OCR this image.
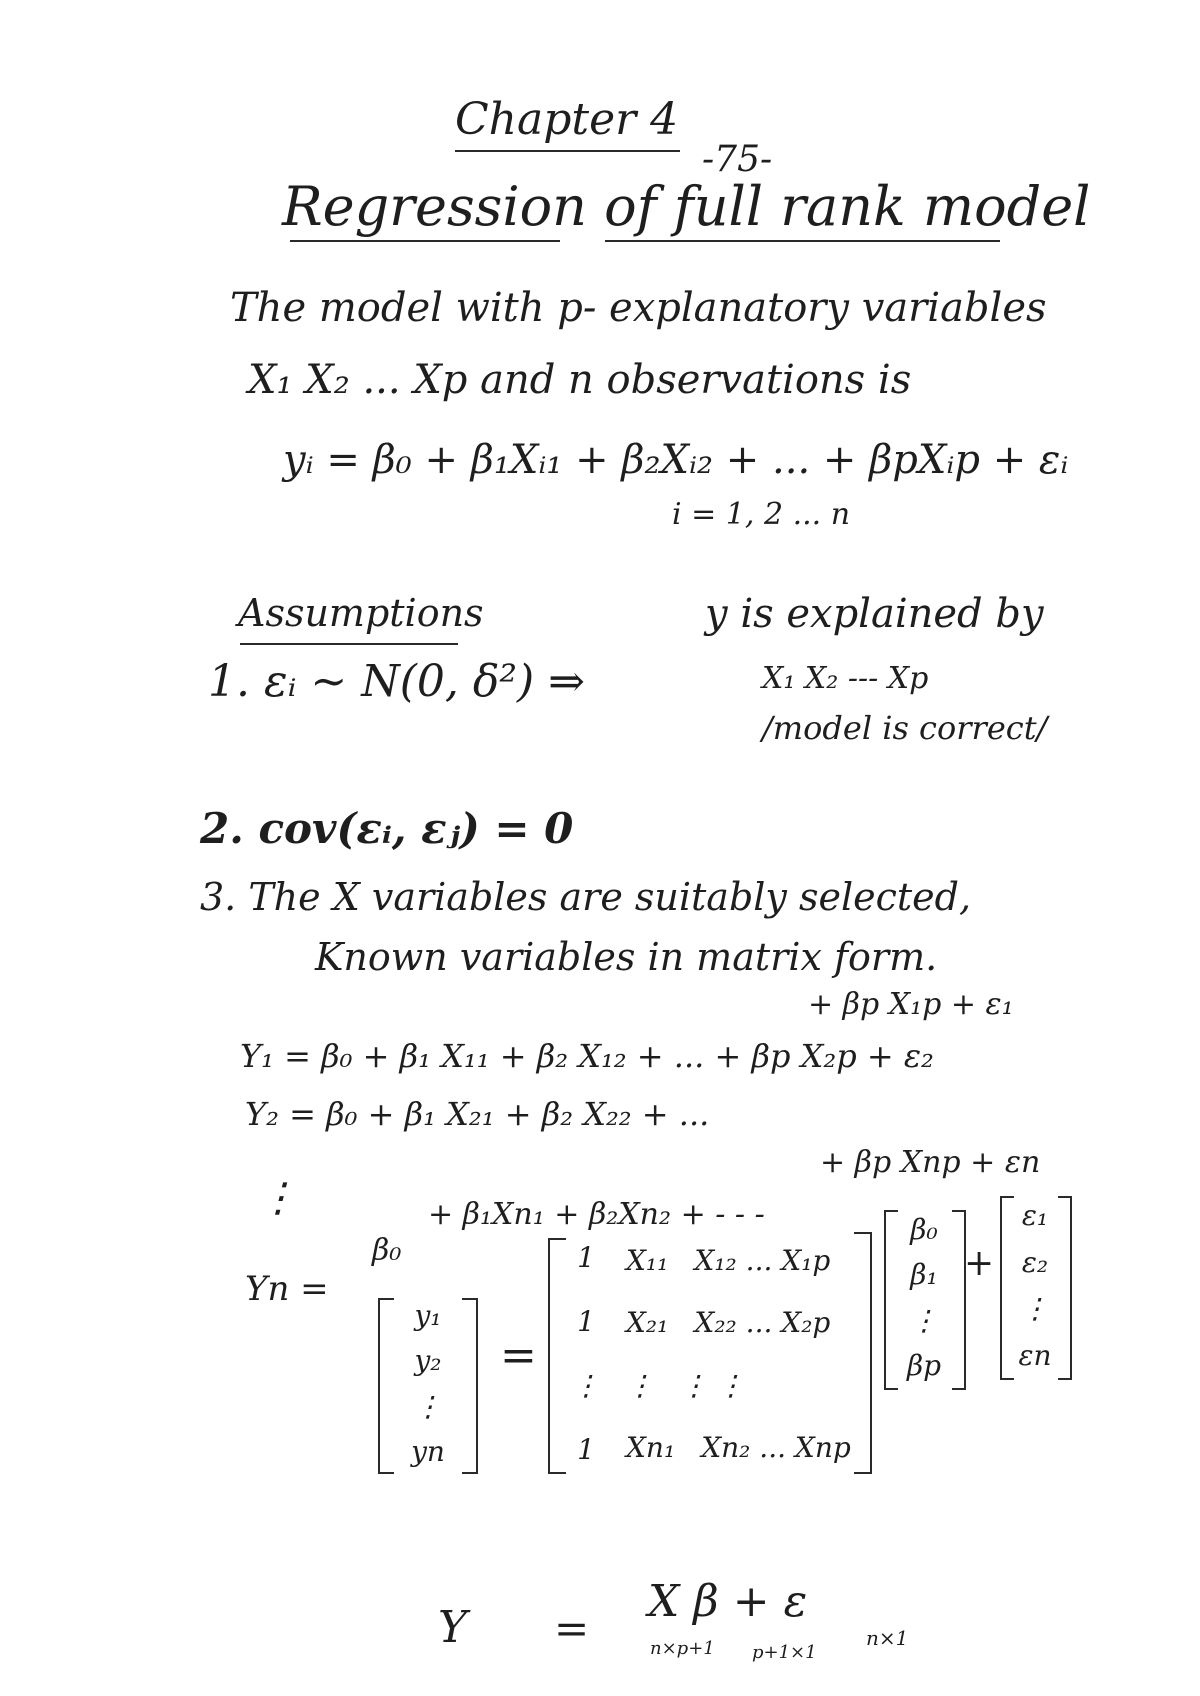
Chapter 4
-75-
Regression of full rank model
The model with p- explanatory variables
X₁ X₂ ... Xp and n observations is
yᵢ = β₀ + β₁Xᵢ₁ + β₂Xᵢ₂ + ... + βpXᵢp + εᵢ
i = 1, 2 ... n
Assumptions
1. εᵢ ~ N(0, δ²) ⇒
y is explained by
X₁ X₂ --- Xp
/model is correct/
2. cov(εᵢ, εⱼ) = 0
3. The X variables are suitably selected,
Known variables in matrix form.
+ βp X₁p + ε₁
Y₁ = β₀ + β₁ X₁₁ + β₂ X₁₂ + ... + βp X₂p + ε₂
Y₂ = β₀ + β₁ X₂₁ + β₂ X₂₂ + ...
+ βp Xnp + εn
⋮	+ β₁Xn₁ + β₂Xn₂ + - - -
Yn =
β₀
y₁
y₂
⋮
yn
=
1
1
⋮
1
X₁₁ X₁₂ ... X₁p
X₂₁ X₂₂ ... X₂p
⋮ ⋮ ⋮
Xn₁ Xn₂ ... Xnp
β₀
β₁
⋮
βp
+
ε₁
ε₂
⋮
εn
Y =
X β + ε
n×p+1 p+1×1
n×1
